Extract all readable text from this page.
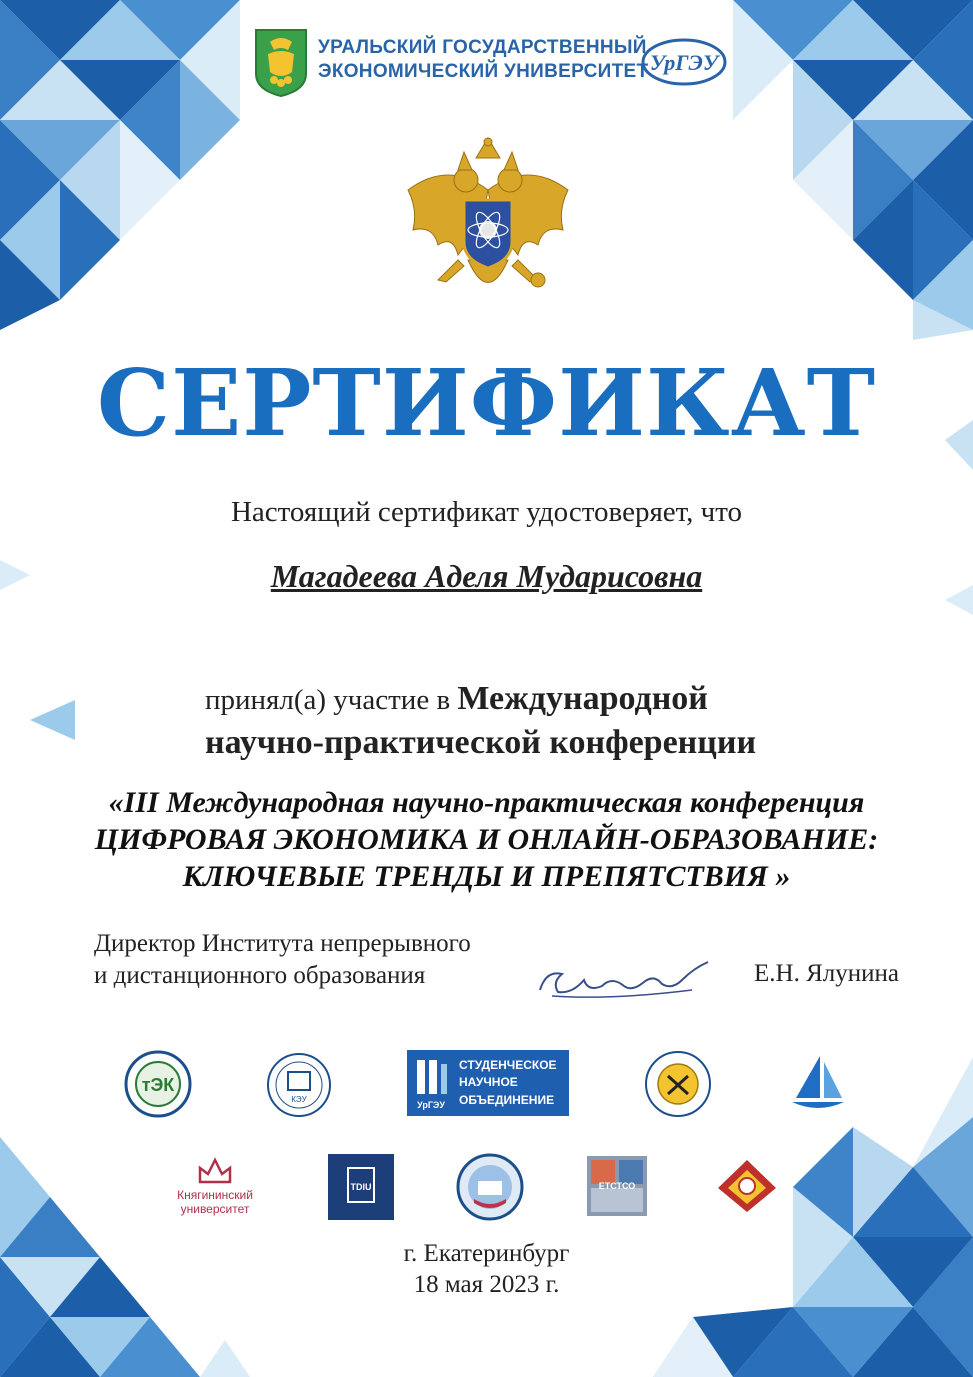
УРАЛЬСКИЙ ГОСУДАРСТВЕННЫЙ
ЭКОНОМИЧЕСКИЙ УНИВЕРСИТЕТ УрГЭУ
СЕРТИФИКАТ
Настоящий сертификат удостоверяет, что
Магадеева Аделя Мударисовна
принял(а) участие в Международной
научно-практической конференции
«III Международная научно-практическая конференция
ЦИФРОВАЯ ЭКОНОМИКА И ОНЛАЙН-ОБРАЗОВАНИЕ:
КЛЮЧЕВЫЕ ТРЕНДЫ И ПРЕПЯТСТВИЯ »
Директор Института непрерывного
и дистанционного образования	Е.Н. Ялунина
тЭК
КЭУ
УрГЭУ
СТУДЕНЧЕСКОЕ
НАУЧНОЕ
ОБЪЕДИНЕНИЕ
Княгининский
университет
TDIU	ЕТСТСО
г. Екатеринбург
18 мая 2023 г.
